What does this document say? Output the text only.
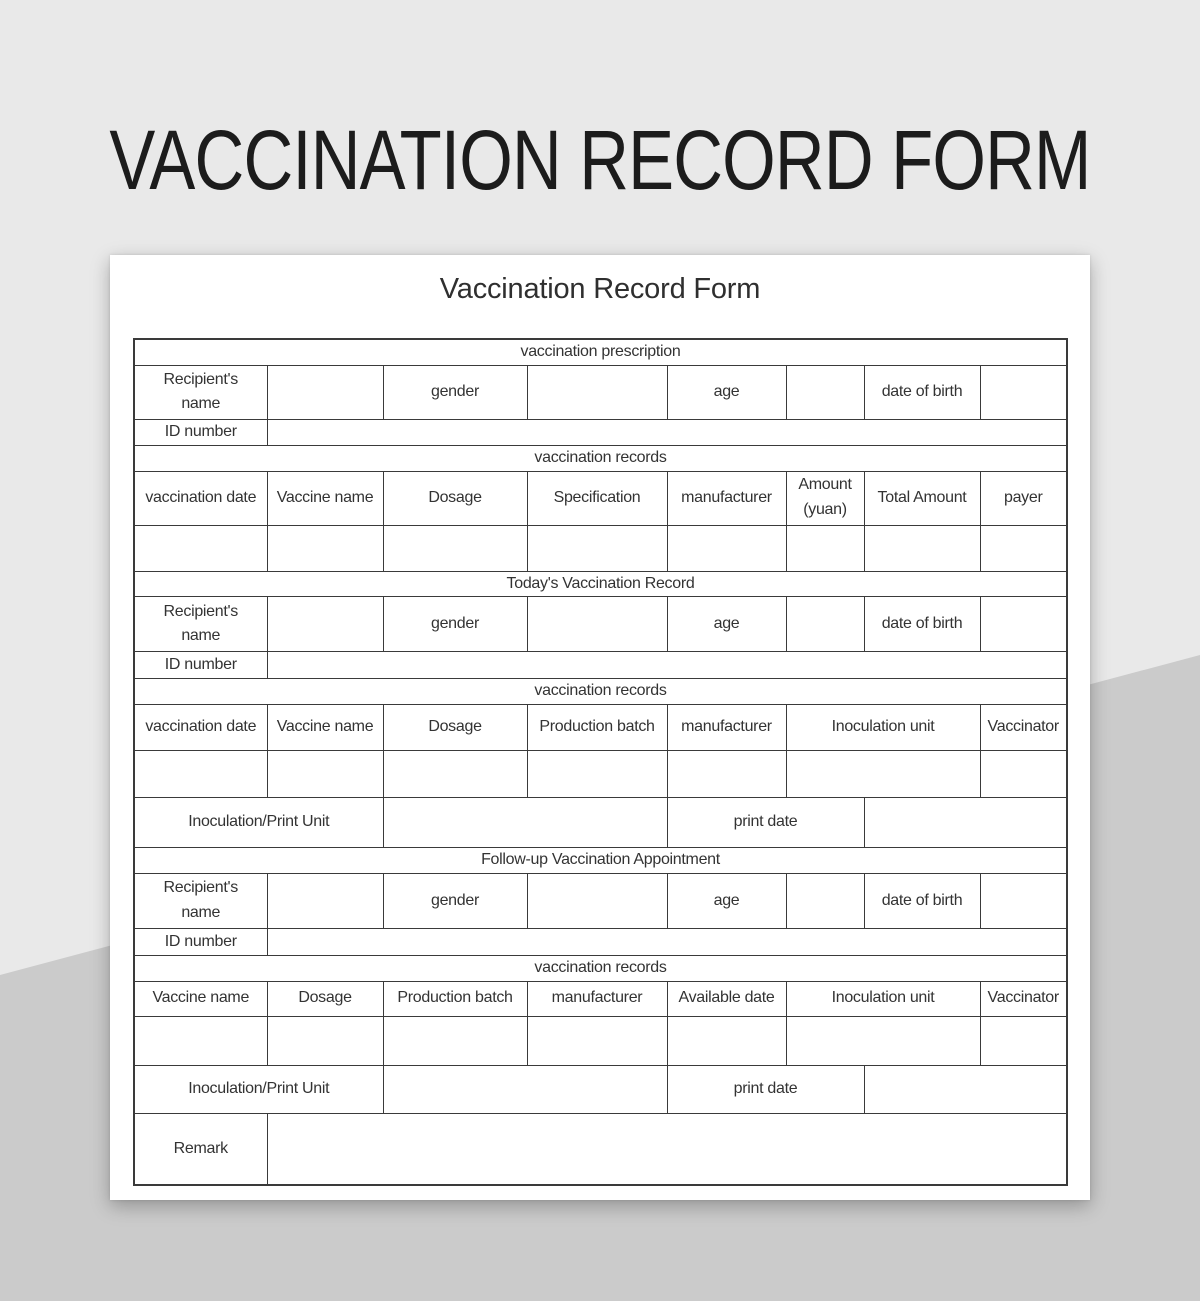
VACCINATION RECORD FORM
Vaccination Record Form
vaccination prescription							
Recipient's name		gender		age		date of birth	
ID number							
vaccination records							
vaccination date	Vaccine name	Dosage	Specification	manufacturer	Amount (yuan)	Total Amount	payer

Today's Vaccination Record							
Recipient's name		gender		age		date of birth	
ID number							
vaccination records							
vaccination date	Vaccine name	Dosage	Production batch	manufacturer	Inoculation unit		Vaccinator

Inoculation/Print Unit				print date			
Follow-up Vaccination Appointment							
Recipient's name		gender		age		date of birth	
ID number							
vaccination records							
Vaccine name	Dosage	Production batch	manufacturer	Available date	Inoculation unit		Vaccinator

Inoculation/Print Unit				print date			
Remark							
